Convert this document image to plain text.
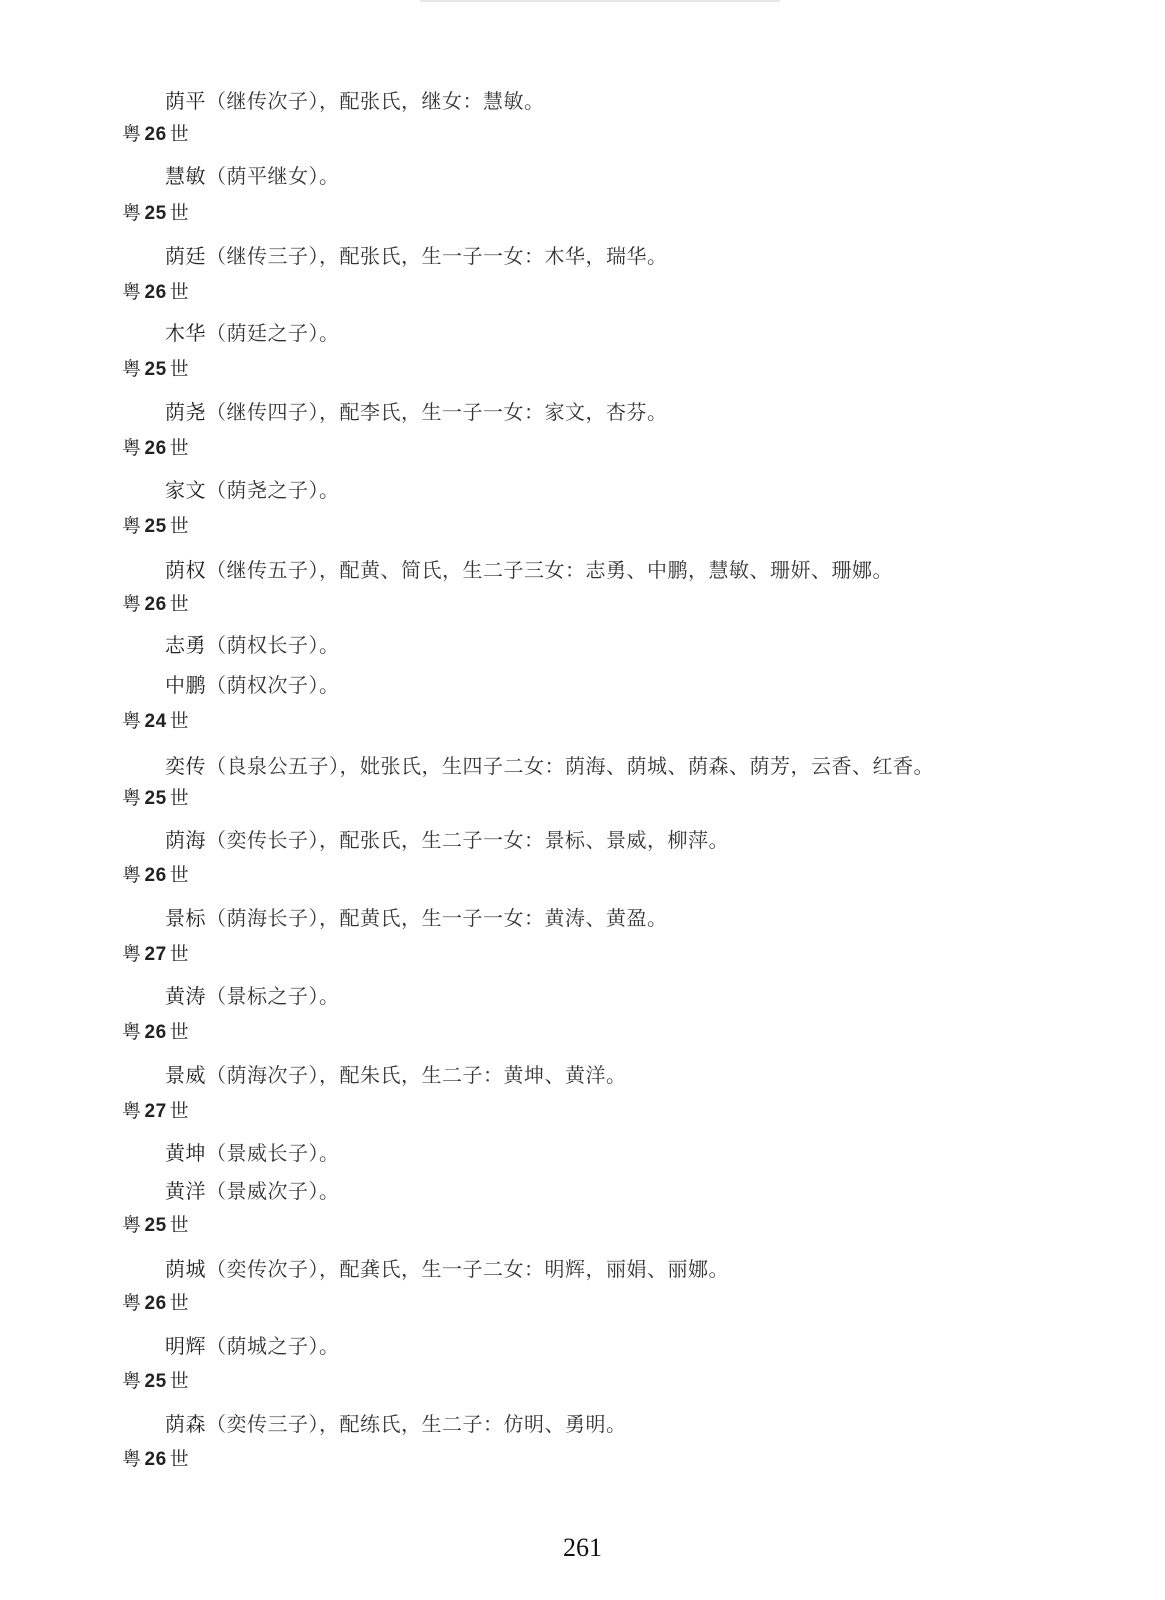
荫平（继传次子），配张氏，继女：慧敏。
粤 26 世
慧敏（荫平继女）。
粤 25 世
荫廷（继传三子），配张氏，生一子一女：木华，瑞华。
粤 26 世
木华（荫廷之子）。
粤 25 世
荫尧（继传四子），配李氏，生一子一女：家文，杏芬。
粤 26 世
家文（荫尧之子）。
粤 25 世
荫权（继传五子），配黄、简氏，生二子三女：志勇、中鹏，慧敏、珊妍、珊娜。
粤 26 世
志勇（荫权长子）。
中鹏（荫权次子）。
粤 24 世
奕传（良泉公五子），妣张氏，生四子二女：荫海、荫城、荫森、荫芳，云香、红香。
粤 25 世
荫海（奕传长子），配张氏，生二子一女：景标、景威，柳萍。
粤 26 世
景标（荫海长子），配黄氏，生一子一女：黄涛、黄盈。
粤 27 世
黄涛（景标之子）。
粤 26 世
景威（荫海次子），配朱氏，生二子：黄坤、黄洋。
粤 27 世
黄坤（景威长子）。
黄洋（景威次子）。
粤 25 世
荫城（奕传次子），配龚氏，生一子二女：明辉，丽娟、丽娜。
粤 26 世
明辉（荫城之子）。
粤 25 世
荫森（奕传三子），配练氏，生二子：仿明、勇明。
粤 26 世
261
